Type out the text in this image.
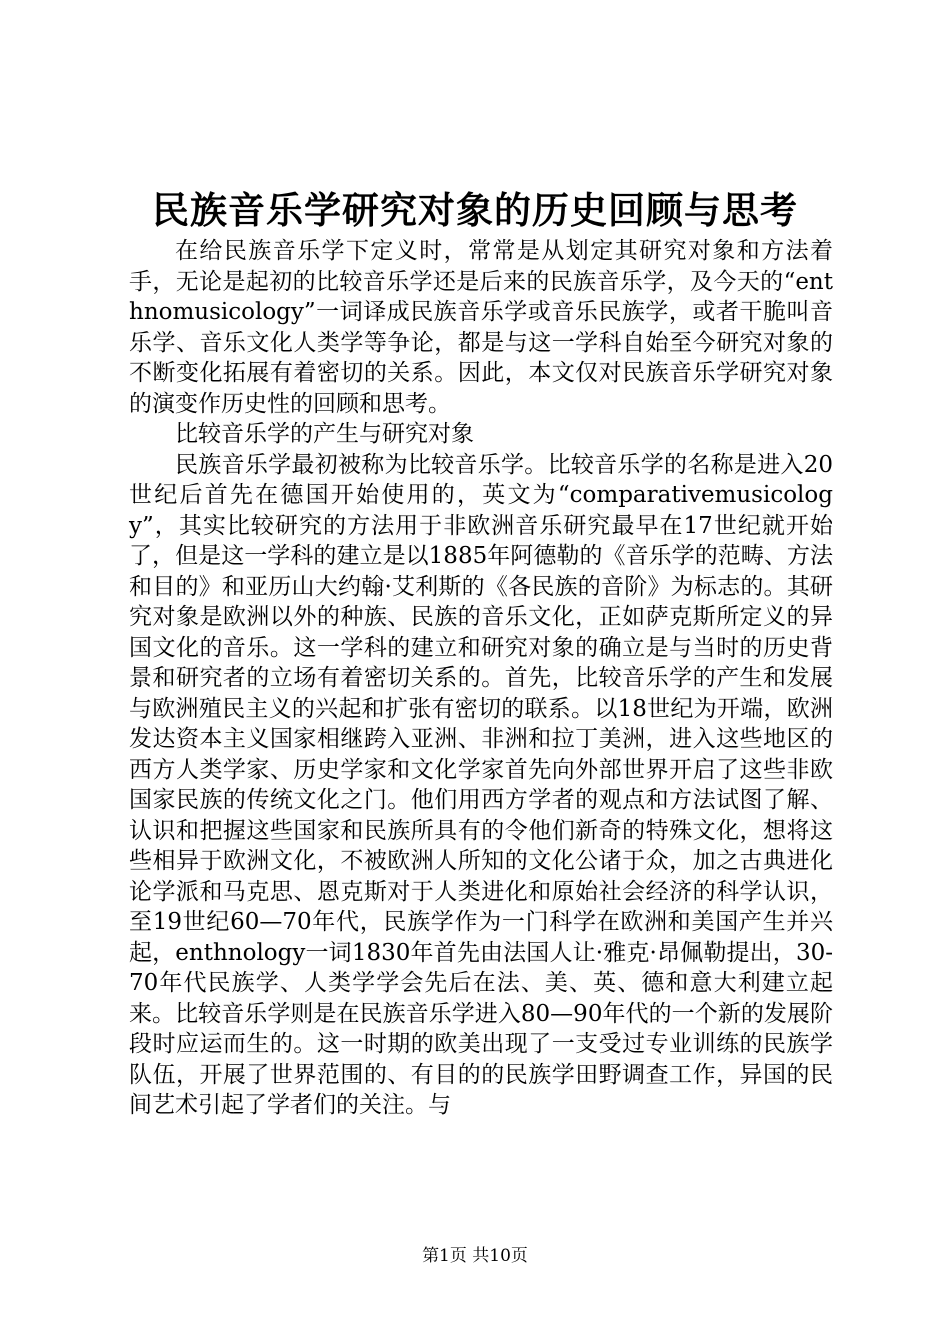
民族音乐学研究对象的历史回顾与思考

在给民族音乐学下定义时，常常是从划定其研究对象和方法着手，无论是起初的比较音乐学还是后来的民族音乐学，及今天的“enthnomusicology”一词译成民族音乐学或音乐民族学，或者干脆叫音乐学、音乐文化人类学等争论，都是与这一学科自始至今研究对象的不断变化拓展有着密切的关系。因此，本文仅对民族音乐学研究对象的演变作历史性的回顾和思考。

比较音乐学的产生与研究对象

民族音乐学最初被称为比较音乐学。比较音乐学的名称是进入20世纪后首先在德国开始使用的，英文为“comparativemusicology”，其实比较研究的方法用于非欧洲音乐研究最早在17世纪就开始了，但是这一学科的建立是以1885年阿德勒的《音乐学的范畴、方法和目的》和亚历山大约翰·艾利斯的《各民族的音阶》为标志的。其研究对象是欧洲以外的种族、民族的音乐文化，正如萨克斯所定义的异国文化的音乐。这一学科的建立和研究对象的确立是与当时的历史背景和研究者的立场有着密切关系的。首先，比较音乐学的产生和发展与欧洲殖民主义的兴起和扩张有密切的联系。以18世纪为开端，欧洲发达资本主义国家相继跨入亚洲、非洲和拉丁美洲，进入这些地区的西方人类学家、历史学家和文化学家首先向外部世界开启了这些非欧国家民族的传统文化之门。他们用西方学者的观点和方法试图了解、认识和把握这些国家和民族所具有的令他们新奇的特殊文化，想将这些相异于欧洲文化，不被欧洲人所知的文化公诸于众，加之古典进化论学派和马克思、恩克斯对于人类进化和原始社会经济的科学认识，至19世纪60—70年代，民族学作为一门科学在欧洲和美国产生并兴起，enthnology一词1830年首先由法国人让·雅克·昂佩勒提出，30-70年代民族学、人类学学会先后在法、美、英、德和意大利建立起来。比较音乐学则是在民族音乐学进入80—90年代的一个新的发展阶段时应运而生的。这一时期的欧美出现了一支受过专业训练的民族学队伍，开展了世界范围的、有目的的民族学田野调查工作，异国的民间艺术引起了学者们的关注。与

第1页 共10页
